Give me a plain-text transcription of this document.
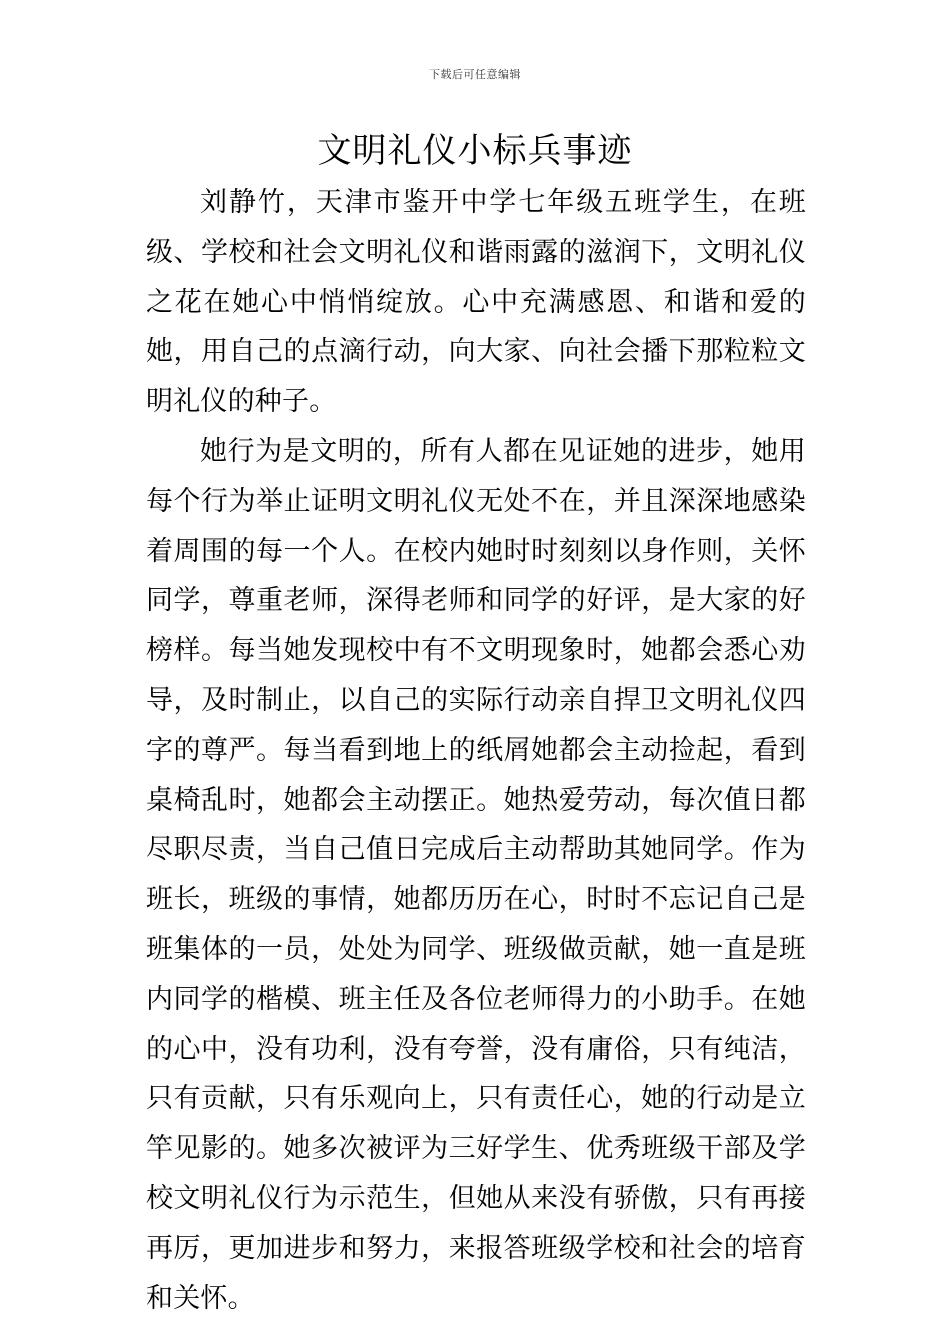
下载后可任意编辑
文明礼仪小标兵事迹

刘静竹，天津市鉴开中学七年级五班学生，在班级、学校和社会文明礼仪和谐雨露的滋润下，文明礼仪之花在她心中悄悄绽放。心中充满感恩、和谐和爱的她，用自己的点滴行动，向大家、向社会播下那粒粒文明礼仪的种子。

她行为是文明的，所有人都在见证她的进步，她用每个行为举止证明文明礼仪无处不在，并且深深地感染着周围的每一个人。在校内她时时刻刻以身作则，关怀同学，尊重老师，深得老师和同学的好评，是大家的好榜样。每当她发现校中有不文明现象时，她都会悉心劝导，及时制止，以自己的实际行动亲自捍卫文明礼仪四字的尊严。每当看到地上的纸屑她都会主动捡起，看到桌椅乱时，她都会主动摆正。她热爱劳动，每次值日都尽职尽责，当自己值日完成后主动帮助其她同学。作为班长，班级的事情，她都历历在心，时时不忘记自己是班集体的一员，处处为同学、班级做贡献，她一直是班内同学的楷模、班主任及各位老师得力的小助手。在她的心中，没有功利，没有夸誉，没有庸俗，只有纯洁，只有贡献，只有乐观向上，只有责任心，她的行动是立竿见影的。她多次被评为三好学生、优秀班级干部及学校文明礼仪行为示范生，但她从来没有骄傲，只有再接再厉，更加进步和努力，来报答班级学校和社会的培育和关怀。
